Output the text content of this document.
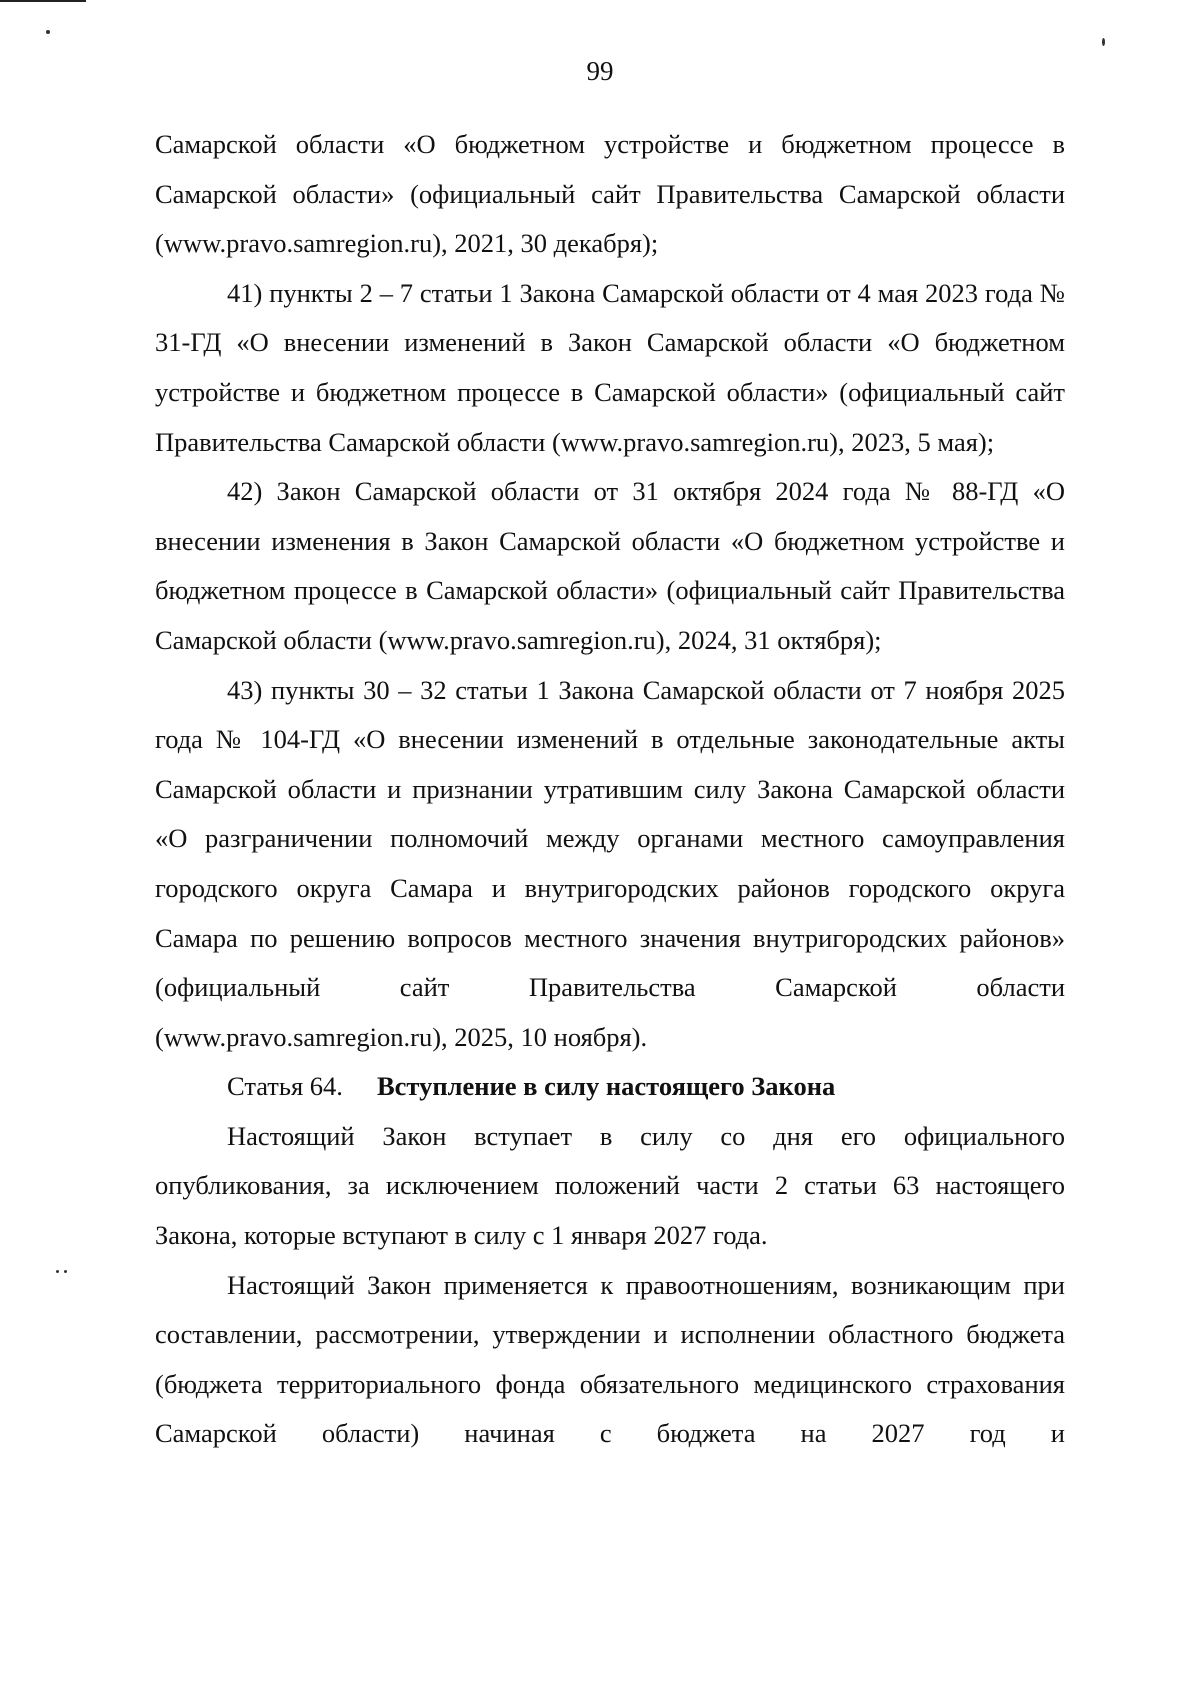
99

Самарской области «О бюджетном устройстве и бюджетном процессе в Самарской области» (официальный сайт Правительства Самарской области (www.pravo.samregion.ru), 2021, 30 декабря);

41) пункты 2 – 7 статьи 1 Закона Самарской области от 4 мая 2023 года № 31-ГД «О внесении изменений в Закон Самарской области «О бюджетном устройстве и бюджетном процессе в Самарской области» (официальный сайт Правительства Самарской области (www.pravo.samregion.ru), 2023, 5 мая);

42) Закон Самарской области от 31 октября 2024 года № 88-ГД «О внесении изменения в Закон Самарской области «О бюджетном устройстве и бюджетном процессе в Самарской области» (официальный сайт Правительства Самарской области (www.pravo.samregion.ru), 2024, 31 октября);

43) пункты 30 – 32 статьи 1 Закона Самарской области от 7 ноября 2025 года № 104-ГД «О внесении изменений в отдельные законодательные акты Самарской области и признании утратившим силу Закона Самарской области «О разграничении полномочий между органами местного самоуправления городского округа Самара и внутригородских районов городского округа Самара по решению вопросов местного значения внутригородских районов» (официальный сайт Правительства Самарской области (www.pravo.samregion.ru), 2025, 10 ноября).

Статья 64. Вступление в силу настоящего Закона

Настоящий Закон вступает в силу со дня его официального опубликования, за исключением положений части 2 статьи 63 настоящего Закона, которые вступают в силу с 1 января 2027 года.

Настоящий Закон применяется к правоотношениям, возникающим при составлении, рассмотрении, утверждении и исполнении областного бюджета (бюджета территориального фонда обязательного медицинского страхования Самарской области) начиная с бюджета на 2027 год и
